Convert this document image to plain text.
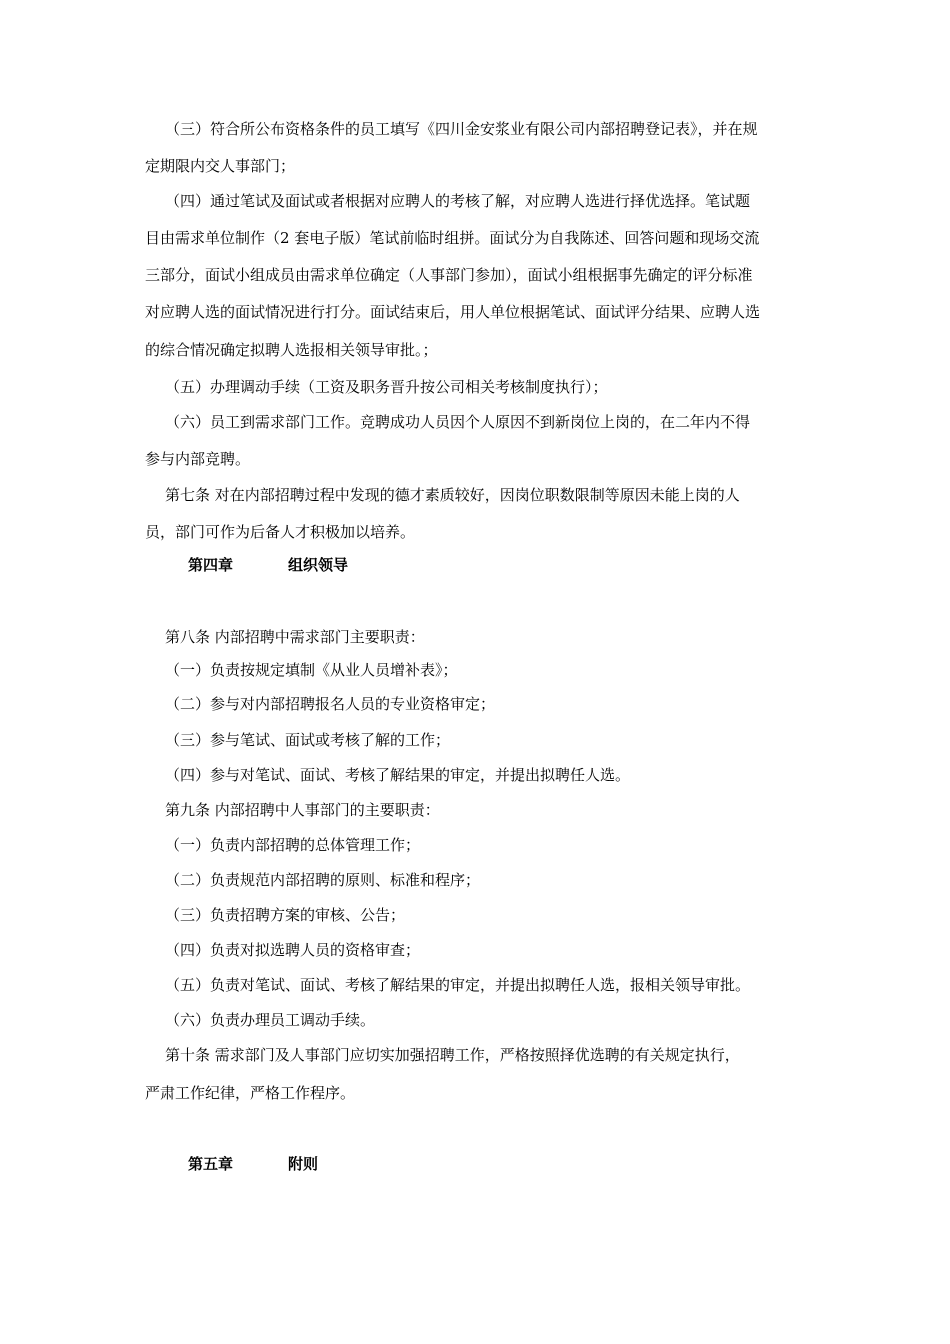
（三）符合所公布资格条件的员工填写《四川金安浆业有限公司内部招聘登记表》，并在规
定期限内交人事部门；
（四）通过笔试及面试或者根据对应聘人的考核了解，对应聘人选进行择优选择。笔试题
目由需求单位制作（2 套电子版）笔试前临时组拼。面试分为自我陈述、回答问题和现场交流
三部分，面试小组成员由需求单位确定（人事部门参加），面试小组根据事先确定的评分标准
对应聘人选的面试情况进行打分。面试结束后，用人单位根据笔试、面试评分结果、应聘人选
的综合情况确定拟聘人选报相关领导审批。；
（五）办理调动手续（工资及职务晋升按公司相关考核制度执行）；
（六）员工到需求部门工作。竞聘成功人员因个人原因不到新岗位上岗的，在二年内不得
参与内部竞聘。
第七条 对在内部招聘过程中发现的德才素质较好，因岗位职数限制等原因未能上岗的人
员，部门可作为后备人才积极加以培养。
第四章	组织领导
第八条 内部招聘中需求部门主要职责：
（一）负责按规定填制《从业人员增补表》；
（二）参与对内部招聘报名人员的专业资格审定；
（三）参与笔试、面试或考核了解的工作；
（四）参与对笔试、面试、考核了解结果的审定，并提出拟聘任人选。
第九条 内部招聘中人事部门的主要职责：
（一）负责内部招聘的总体管理工作；
（二）负责规范内部招聘的原则、标准和程序；
（三）负责招聘方案的审核、公告；
（四）负责对拟选聘人员的资格审查；
（五）负责对笔试、面试、考核了解结果的审定，并提出拟聘任人选，报相关领导审批。
（六）负责办理员工调动手续。
第十条 需求部门及人事部门应切实加强招聘工作，严格按照择优选聘的有关规定执行，
严肃工作纪律，严格工作程序。
第五章	附则
